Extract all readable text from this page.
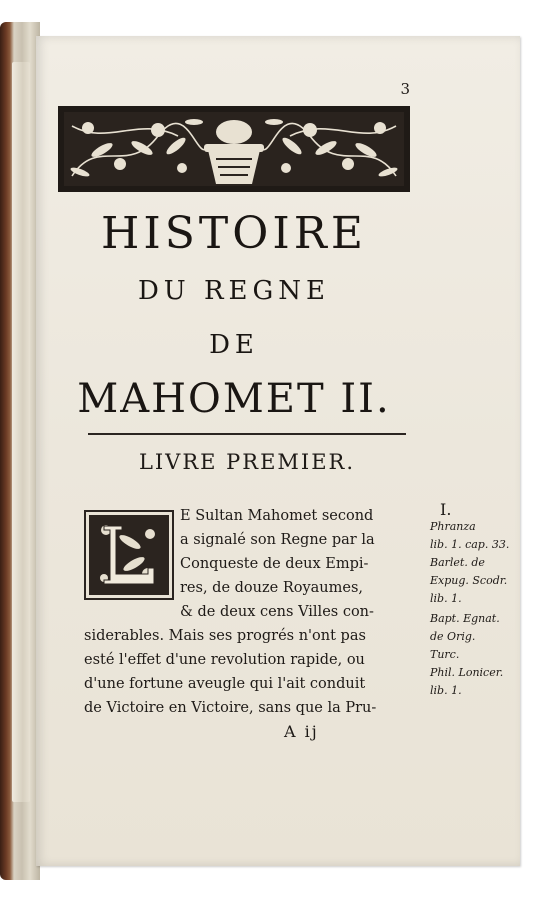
3
HISTOIRE
DU REGNE
DE
MAHOMET II.
LIVRE PREMIER.
E Sultan Mahomet second
a signalé son Regne par la
Conqueste de deux Empi-
res, de douze Royaumes,
& de deux cens Villes con-
siderables. Mais ses progrés n'ont pas
esté l'effet d'une revolution rapide, ou
d'une fortune aveugle qui l'ait conduit
de Victoire en Victoire, sans que la Pru-
A ij
I.
Phranza
lib. 1. cap. 33.
Barlet. de
Expug. Scodr.
lib. 1.
Bapt. Egnat.
de Orig.
Turc.
Phil. Lonicer.
lib. 1.
